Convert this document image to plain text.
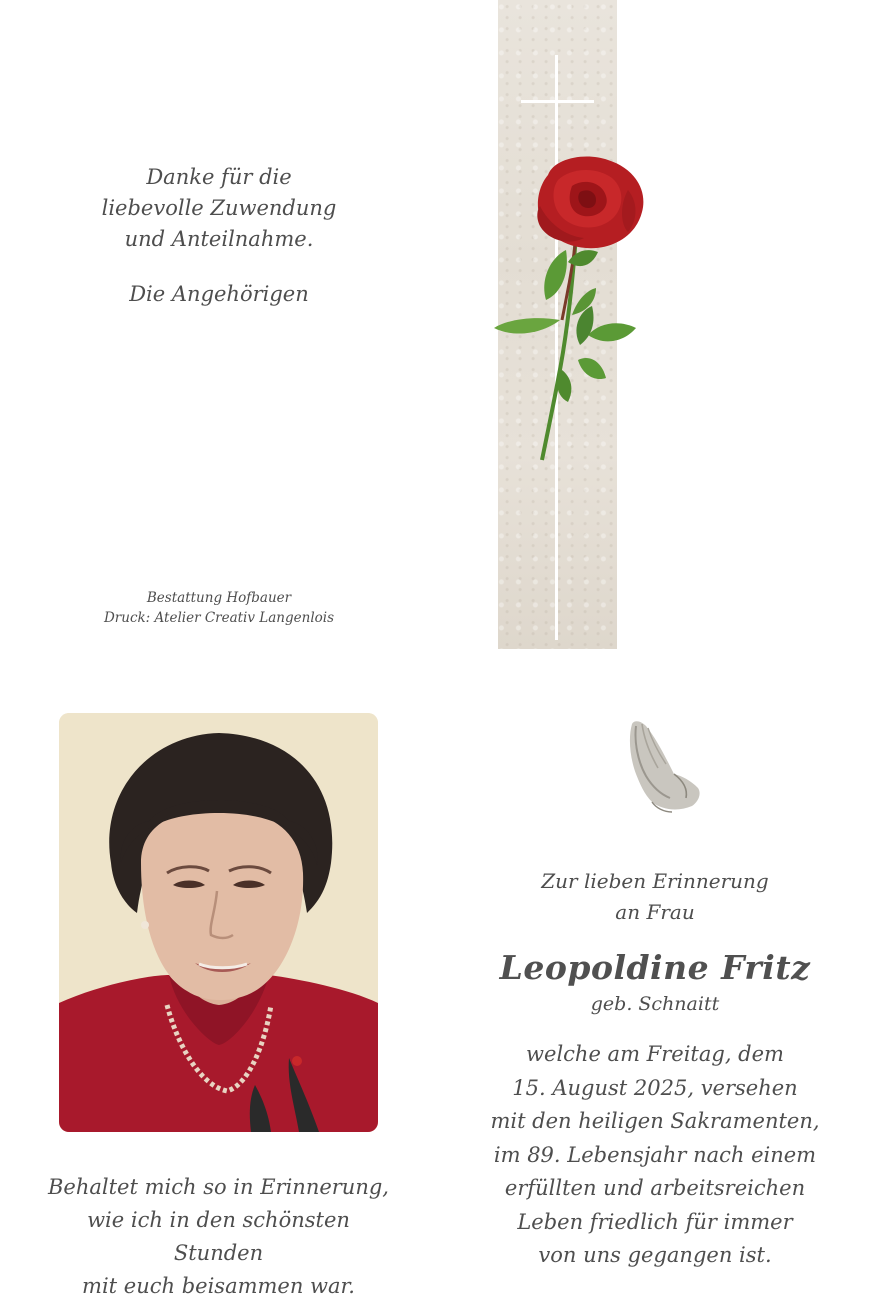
Danke für die

liebevolle Zuwendung

und Anteilnahme.

Die Angehörigen
Bestattung Hofbauer
Druck: Atelier Creativ Langenlois
Behaltet mich so in Erinnerung,
wie ich in den schönsten Stunden
mit euch beisammen war.
Zur lieben Erinnerung
an Frau
Leopoldine Fritz
geb. Schnaitt
welche am Freitag, dem
15. August 2025, versehen
mit den heiligen Sakramenten,
im 89. Lebensjahr nach einem
erfüllten und arbeitsreichen
Leben friedlich für immer
von uns gegangen ist.
